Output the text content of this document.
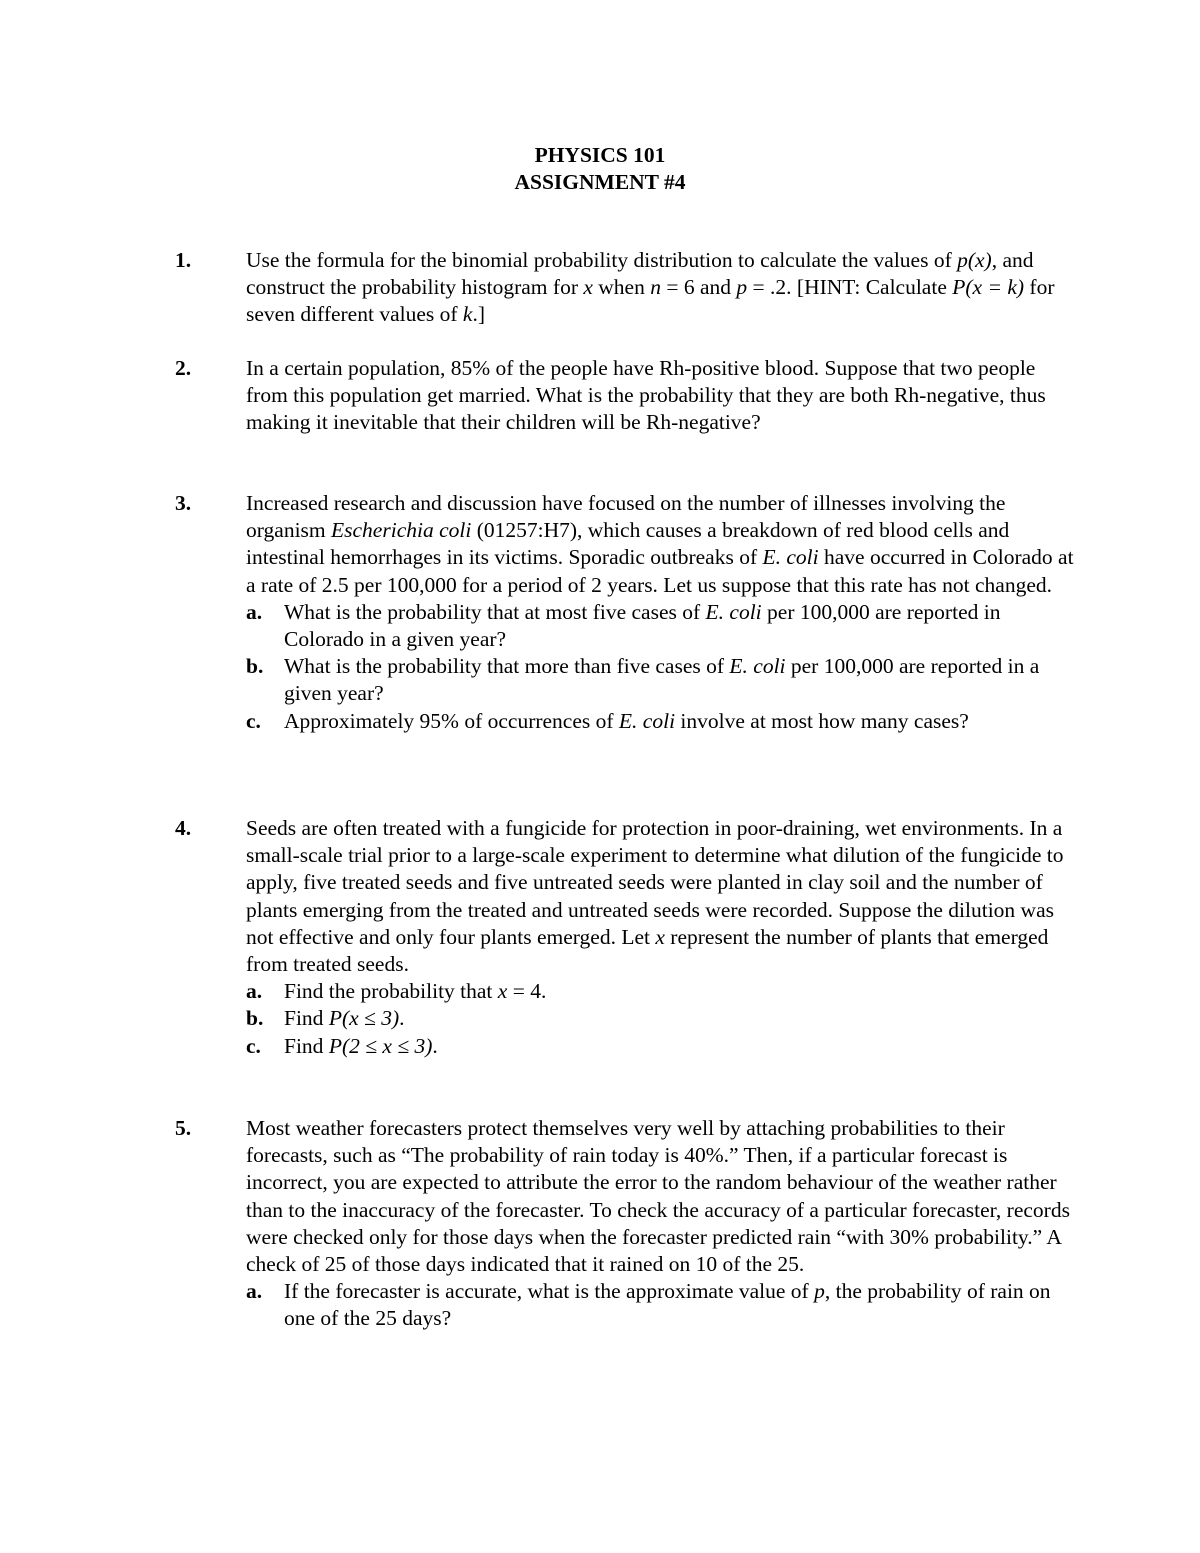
PHYSICS 101
ASSIGNMENT #4
1.	Use the formula for the binomial probability distribution to calculate the values of p(x), and construct the probability histogram for x when n = 6 and p = .2. [HINT: Calculate P(x = k) for seven different values of k.]
2.	In a certain population, 85% of the people have Rh-positive blood. Suppose that two people from this population get married. What is the probability that they are both Rh-negative, thus making it inevitable that their children will be Rh-negative?
3.	Increased research and discussion have focused on the number of illnesses involving the organism Escherichia coli (01257:H7), which causes a breakdown of red blood cells and intestinal hemorrhages in its victims. Sporadic outbreaks of E. coli have occurred in Colorado at a rate of 2.5 per 100,000 for a period of 2 years. Let us suppose that this rate has not changed.
a. What is the probability that at most five cases of E. coli per 100,000 are reported in Colorado in a given year?
b. What is the probability that more than five cases of E. coli per 100,000 are reported in a given year?
c. Approximately 95% of occurrences of E. coli involve at most how many cases?
4.	Seeds are often treated with a fungicide for protection in poor-draining, wet environments. In a small-scale trial prior to a large-scale experiment to determine what dilution of the fungicide to apply, five treated seeds and five untreated seeds were planted in clay soil and the number of plants emerging from the treated and untreated seeds were recorded. Suppose the dilution was not effective and only four plants emerged. Let x represent the number of plants that emerged from treated seeds.
a. Find the probability that x = 4.
b. Find P(x ≤ 3).
c. Find P(2 ≤ x ≤ 3).
5.	Most weather forecasters protect themselves very well by attaching probabilities to their forecasts, such as “The probability of rain today is 40%.” Then, if a particular forecast is incorrect, you are expected to attribute the error to the random behaviour of the weather rather than to the inaccuracy of the forecaster. To check the accuracy of a particular forecaster, records were checked only for those days when the forecaster predicted rain “with 30% probability.” A check of 25 of those days indicated that it rained on 10 of the 25.
a. If the forecaster is accurate, what is the approximate value of p, the probability of rain on one of the 25 days?
